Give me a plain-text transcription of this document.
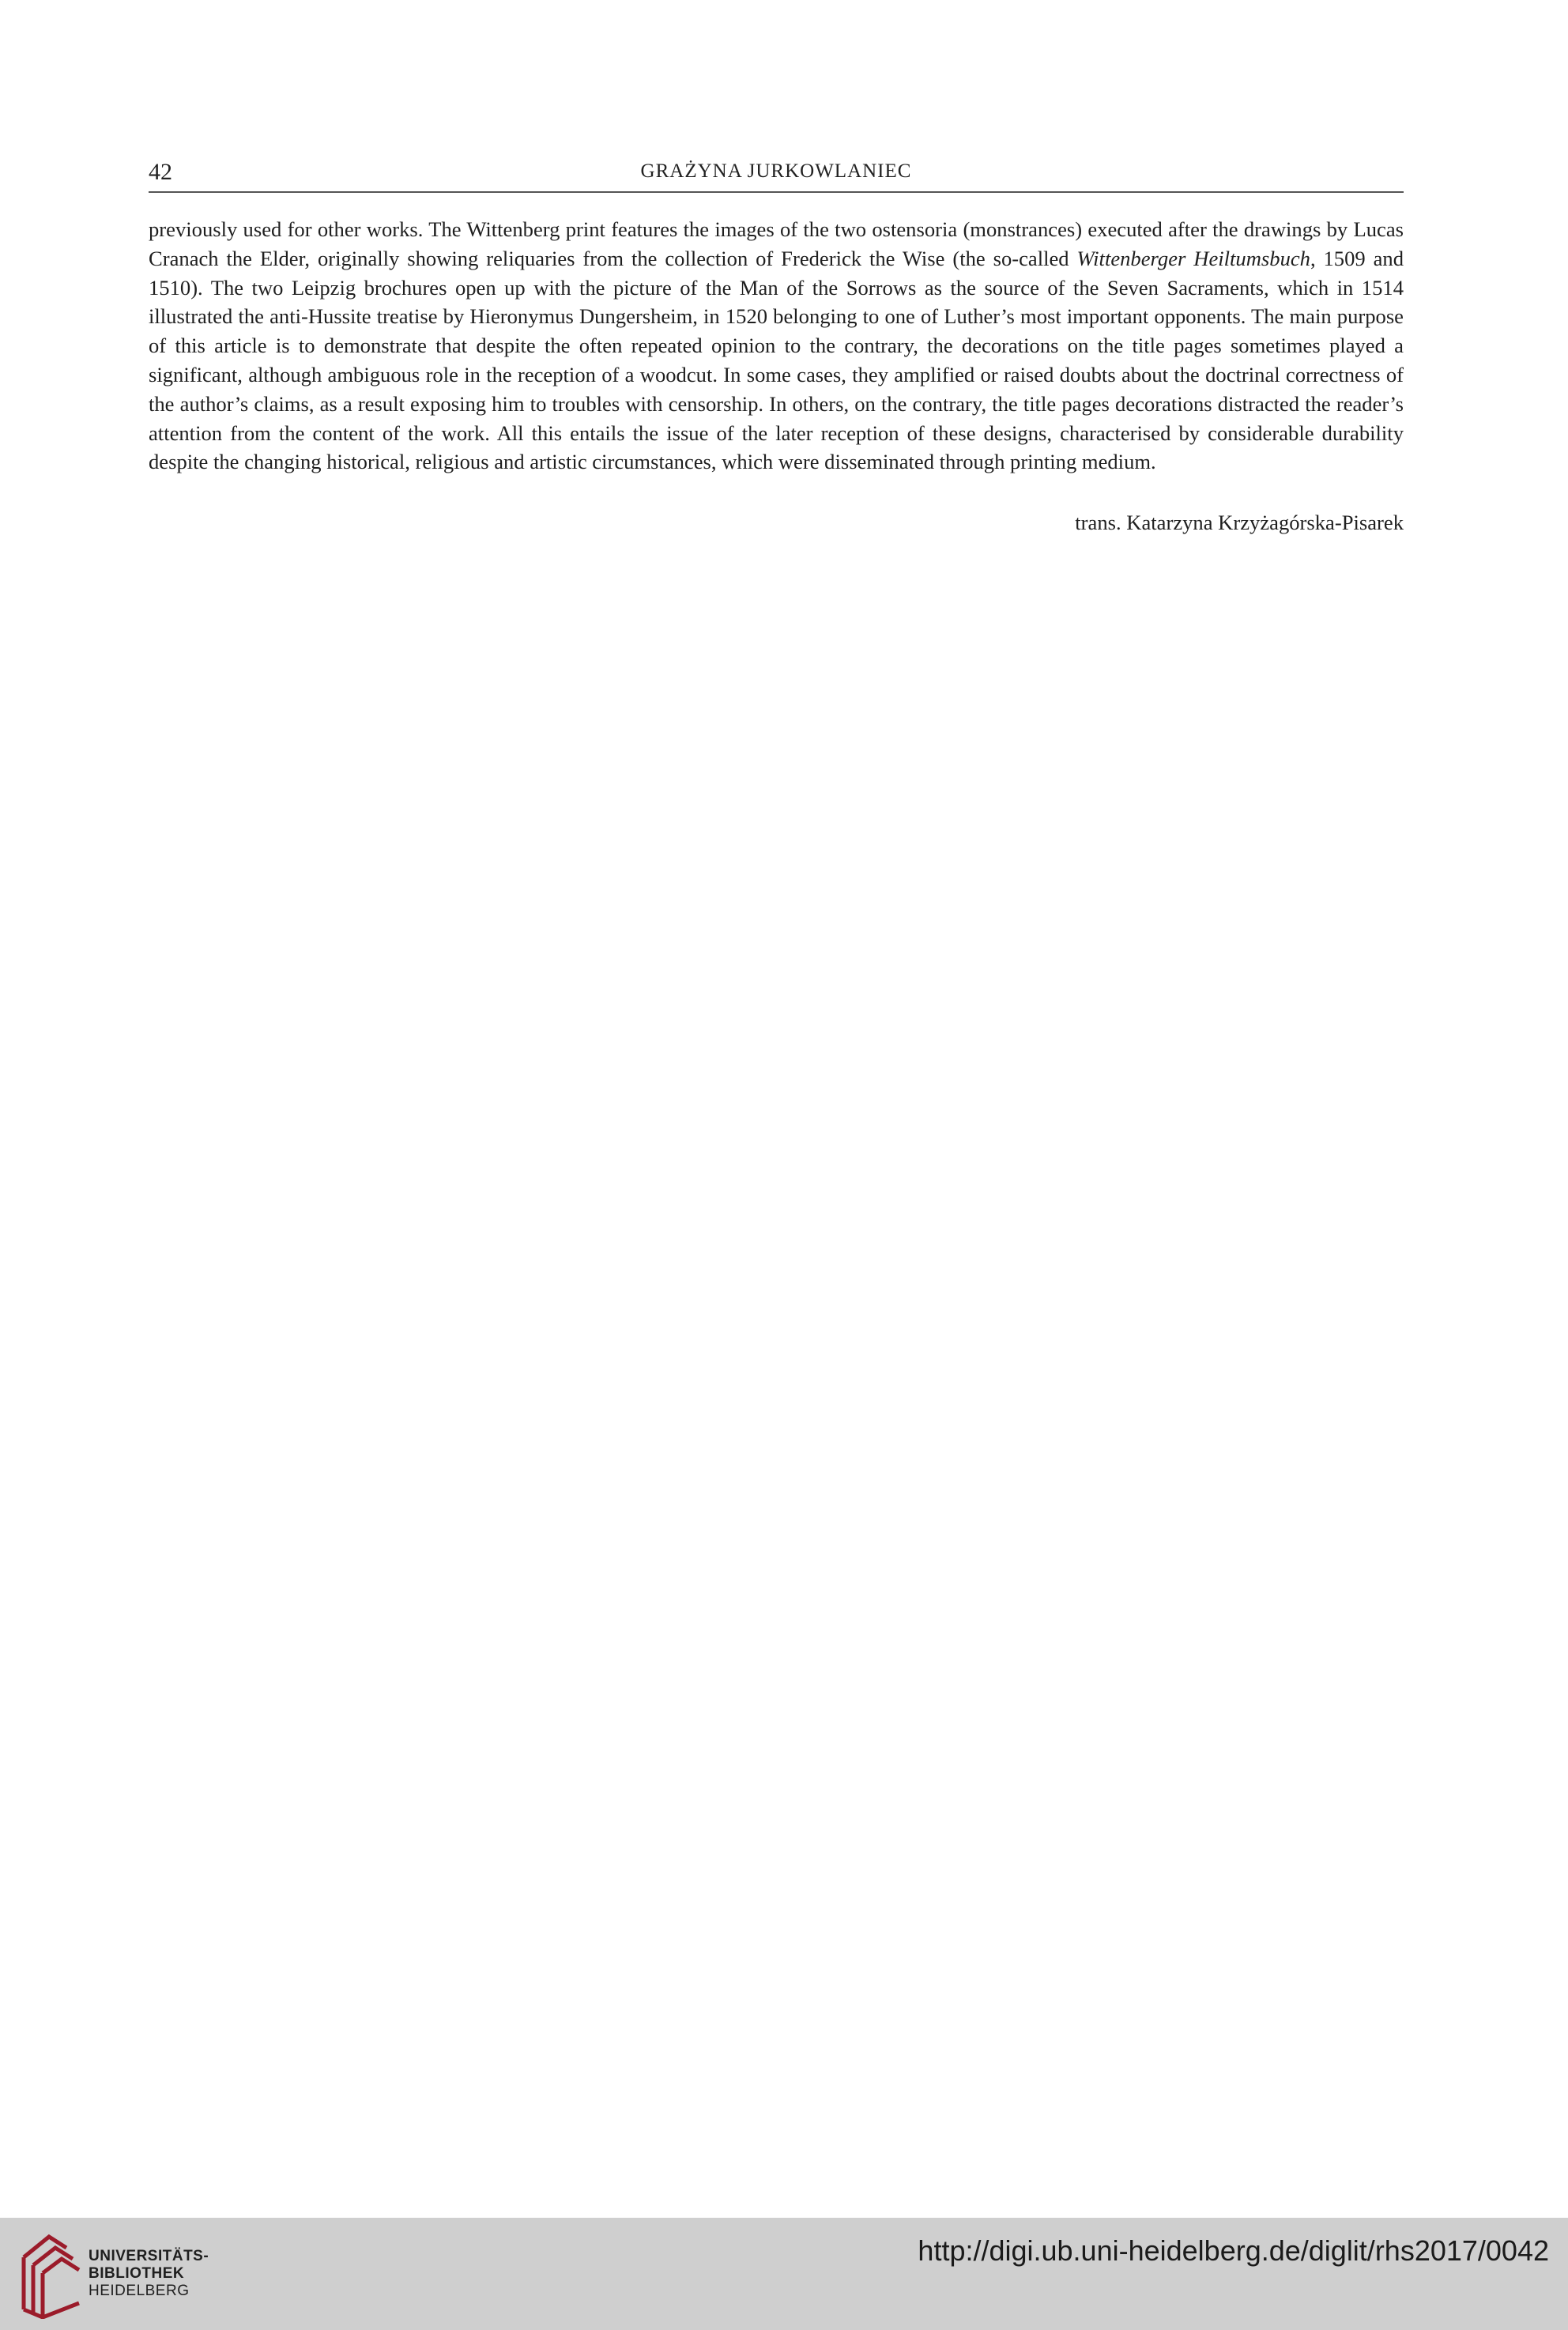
42	GRAŻYNA JURKOWLANIEC

previously used for other works. The Wittenberg print features the images of the two ostensoria (monstrances) executed after the drawings by Lucas Cranach the Elder, originally showing reliquaries from the collection of Frederick the Wise (the so-called Wittenberger Heiltumsbuch, 1509 and 1510). The two Leipzig brochures open up with the picture of the Man of the Sorrows as the source of the Seven Sacraments, which in 1514 illustrated the anti-Hussite treatise by Hieronymus Dungersheim, in 1520 belonging to one of Luther’s most important opponents. The main purpose of this article is to demonstrate that despite the often repeated opinion to the contrary, the decorations on the title pages sometimes played a significant, although ambiguous role in the reception of a woodcut. In some cases, they amplified or raised doubts about the doctrinal correctness of the author’s claims, as a result exposing him to troubles with censorship. In others, on the contrary, the title pages decorations distracted the reader’s attention from the content of the work. All this entails the issue of the later reception of these designs, characterised by considerable durability despite the changing historical, religious and artistic circumstances, which were disseminated through printing medium.

trans. Katarzyna Krzyżagórska-Pisarek
UNIVERSITÄTS-
BIBLIOTHEK
HEIDELBERG
http://digi.ub.uni-heidelberg.de/diglit/rhs2017/0042
